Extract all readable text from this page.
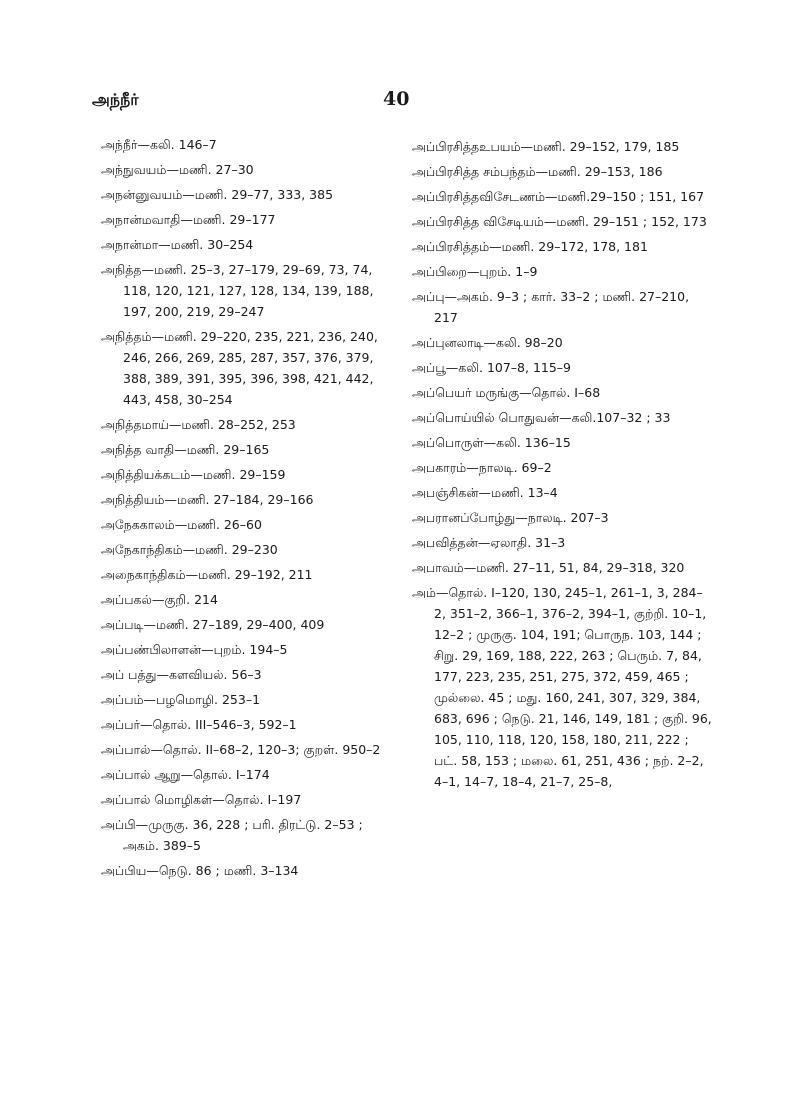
அந்நீர்	40
அந்நீர்—கலி. 146–7
அந்நுவயம்—மணி. 27–30
அநன்னுவயம்—மணி. 29–77, 333, 385
அநான்மவாதி—மணி. 29–177
அநான்மா—மணி. 30–254
அநித்த—மணி. 25–3, 27–179, 29–69, 73, 74, 118, 120, 121, 127, 128, 134, 139, 188, 197, 200, 219, 29–247
அநித்தம்—மணி. 29–220, 235, 221, 236, 240, 246, 266, 269, 285, 287, 357, 376, 379, 388, 389, 391, 395, 396, 398, 421, 442, 443, 458, 30–254
அநித்தமாய்—மணி. 28–252, 253
அநித்த வாதி—மணி. 29–165
அநித்தியக்கடம்—மணி. 29–159
அநித்தியம்—மணி. 27–184, 29–166
அநேககாலம்—மணி. 26–60
அநேகாந்திகம்—மணி. 29–230
அநைகாந்திகம்—மணி. 29–192, 211
அப்பகல்—குறி. 214
அப்படி—மணி. 27–189, 29–400, 409
அப்பண்பிலாளன்—புறம். 194–5
அப் பத்து—களவியல். 56–3
அப்பம்—பழமொழி. 253–1
அப்பர்—தொல். III–546–3, 592–1
அப்பால்—தொல். II–68–2, 120–3; குறள். 950–2
அப்பால் ஆறு—தொல். I–174
அப்பால் மொழிகள்—தொல். I–197
அப்பி—முருகு. 36, 228 ; பரி. திரட்டு. 2–53 ; அகம். 389–5
அப்பிய—நெடு. 86 ; மணி. 3–134
அப்பிரசித்தஉபயம்—மணி. 29–152, 179, 185
அப்பிரசித்த சம்பந்தம்—மணி. 29–153, 186
அப்பிரசித்தவிசேடணம்—மணி.29–150 ; 151, 167
அப்பிரசித்த விசேடியம்—மணி. 29–151 ; 152, 173
அப்பிரசித்தம்—மணி. 29–172, 178, 181
அப்பிறை—புறம். 1–9
அப்பு—அகம். 9–3 ; கார். 33–2 ; மணி. 27–210, 217
அப்புனலாடி—கலி. 98–20
அப்பூ—கலி. 107–8, 115–9
அப்பெயர் மருங்கு—தொல். I–68
அப்பொய்யில் பொதுவன்—கலி.107–32 ; 33
அப்பொருள்—கலி. 136–15
அபகாரம்—நாலடி. 69–2
அபஞ்சிகன்—மணி. 13–4
அபரானப்போழ்து—நாலடி. 207–3
அபவித்தன்—ஏலாதி. 31–3
அபாவம்—மணி. 27–11, 51, 84, 29–318, 320
அம்—தொல். I–120, 130, 245–1, 261–1, 3, 284–2, 351–2, 366–1, 376–2, 394–1, குற்றி. 10–1, 12–2 ; முருகு. 104, 191; பொருந. 103, 144 ; சிறு. 29, 169, 188, 222, 263 ; பெரும். 7, 84, 177, 223, 235, 251, 275, 372, 459, 465 ; முல்லை. 45 ; மது. 160, 241, 307, 329, 384, 683, 696 ; நெடு. 21, 146, 149, 181 ; குறி. 96, 105, 110, 118, 120, 158, 180, 211, 222 ; பட். 58, 153 ; மலை. 61, 251, 436 ; நற். 2–2, 4–1, 14–7, 18–4, 21–7, 25–8,
